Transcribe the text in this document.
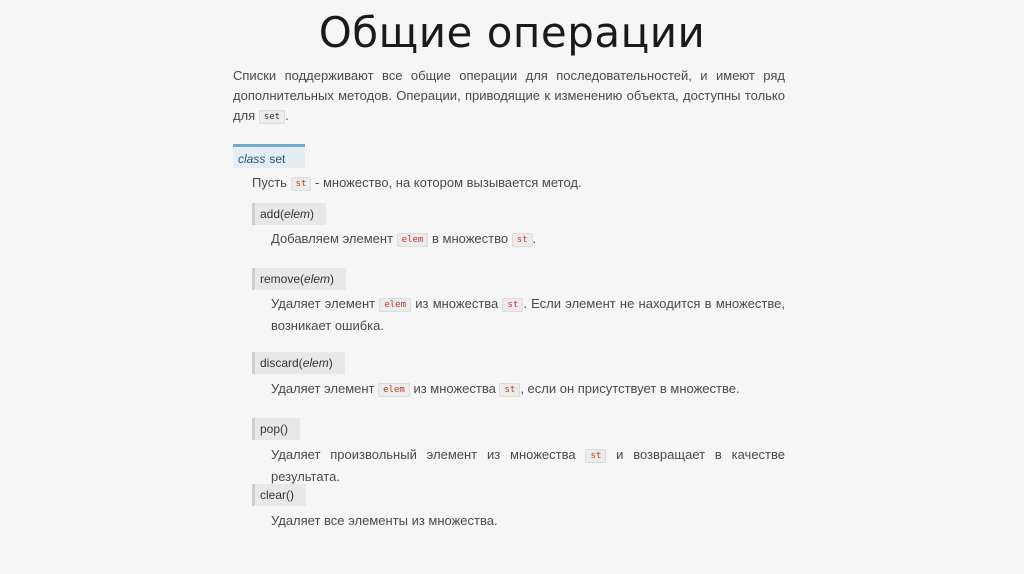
Общие операции
Списки поддерживают все общие операции для последовательностей, и имеют ряд дополнительных методов. Операции, приводящие к изменению объекта, доступны только для set .
class set
Пусть st - множество, на котором вызывается метод.
add(elem)
Добавляем элемент elem в множество st .
remove(elem)
Удаляет элемент elem из множества st . Если элемент не находится в множестве, возникает ошибка.
discard(elem)
Удаляет элемент elem из множества st , если он присутствует в множестве.
pop()
Удаляет произвольный элемент из множества st и возвращает в качестве результата.
clear()
Удаляет все элементы из множества.
